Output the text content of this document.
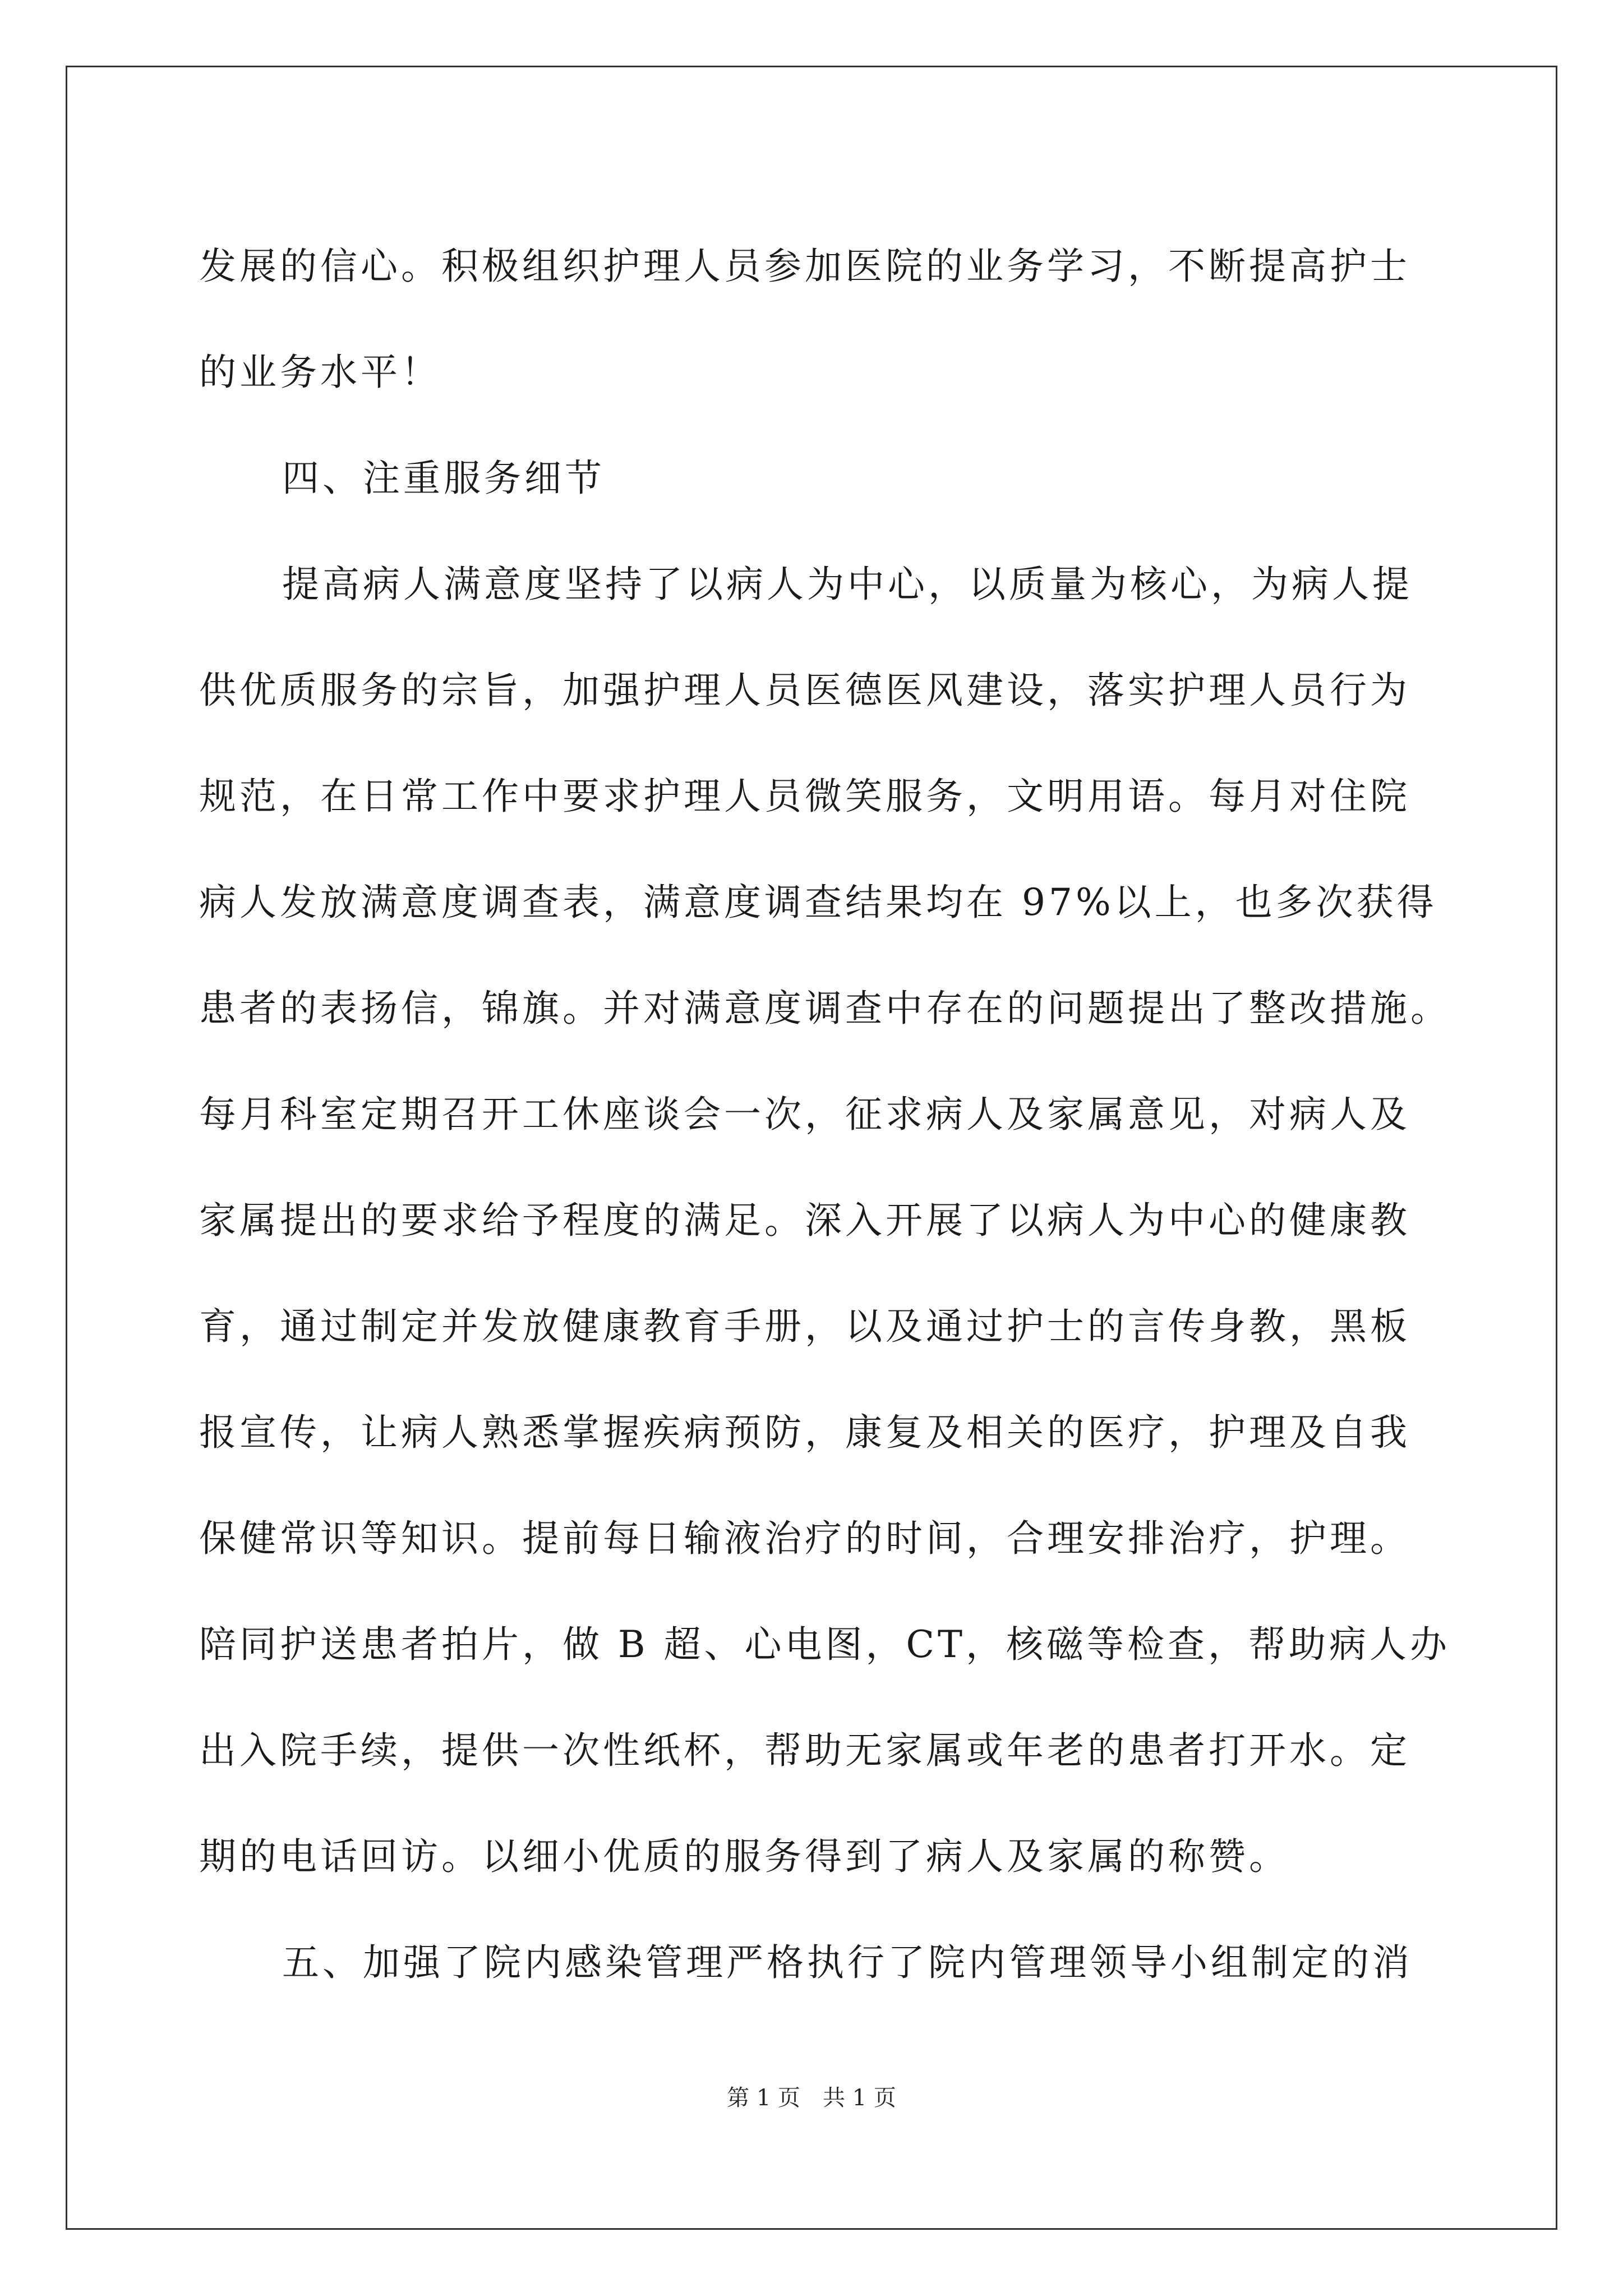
发展的信心。积极组织护理人员参加医院的业务学习，不断提高护士
的业务水平！
四、注重服务细节
提高病人满意度坚持了以病人为中心，以质量为核心，为病人提
供优质服务的宗旨，加强护理人员医德医风建设，落实护理人员行为
规范，在日常工作中要求护理人员微笑服务，文明用语。每月对住院
病人发放满意度调查表，满意度调查结果均在 97%以上，也多次获得
患者的表扬信，锦旗。并对满意度调查中存在的问题提出了整改措施。
每月科室定期召开工休座谈会一次，征求病人及家属意见，对病人及
家属提出的要求给予程度的满足。深入开展了以病人为中心的健康教
育，通过制定并发放健康教育手册，以及通过护士的言传身教，黑板
报宣传，让病人熟悉掌握疾病预防，康复及相关的医疗，护理及自我
保健常识等知识。提前每日输液治疗的时间，合理安排治疗，护理。
陪同护送患者拍片，做 B 超、心电图，CT，核磁等检查，帮助病人办
出入院手续，提供一次性纸杯，帮助无家属或年老的患者打开水。定
期的电话回访。以细小优质的服务得到了病人及家属的称赞。
五、加强了院内感染管理严格执行了院内管理领导小组制定的消
第 1 页　共 1 页
